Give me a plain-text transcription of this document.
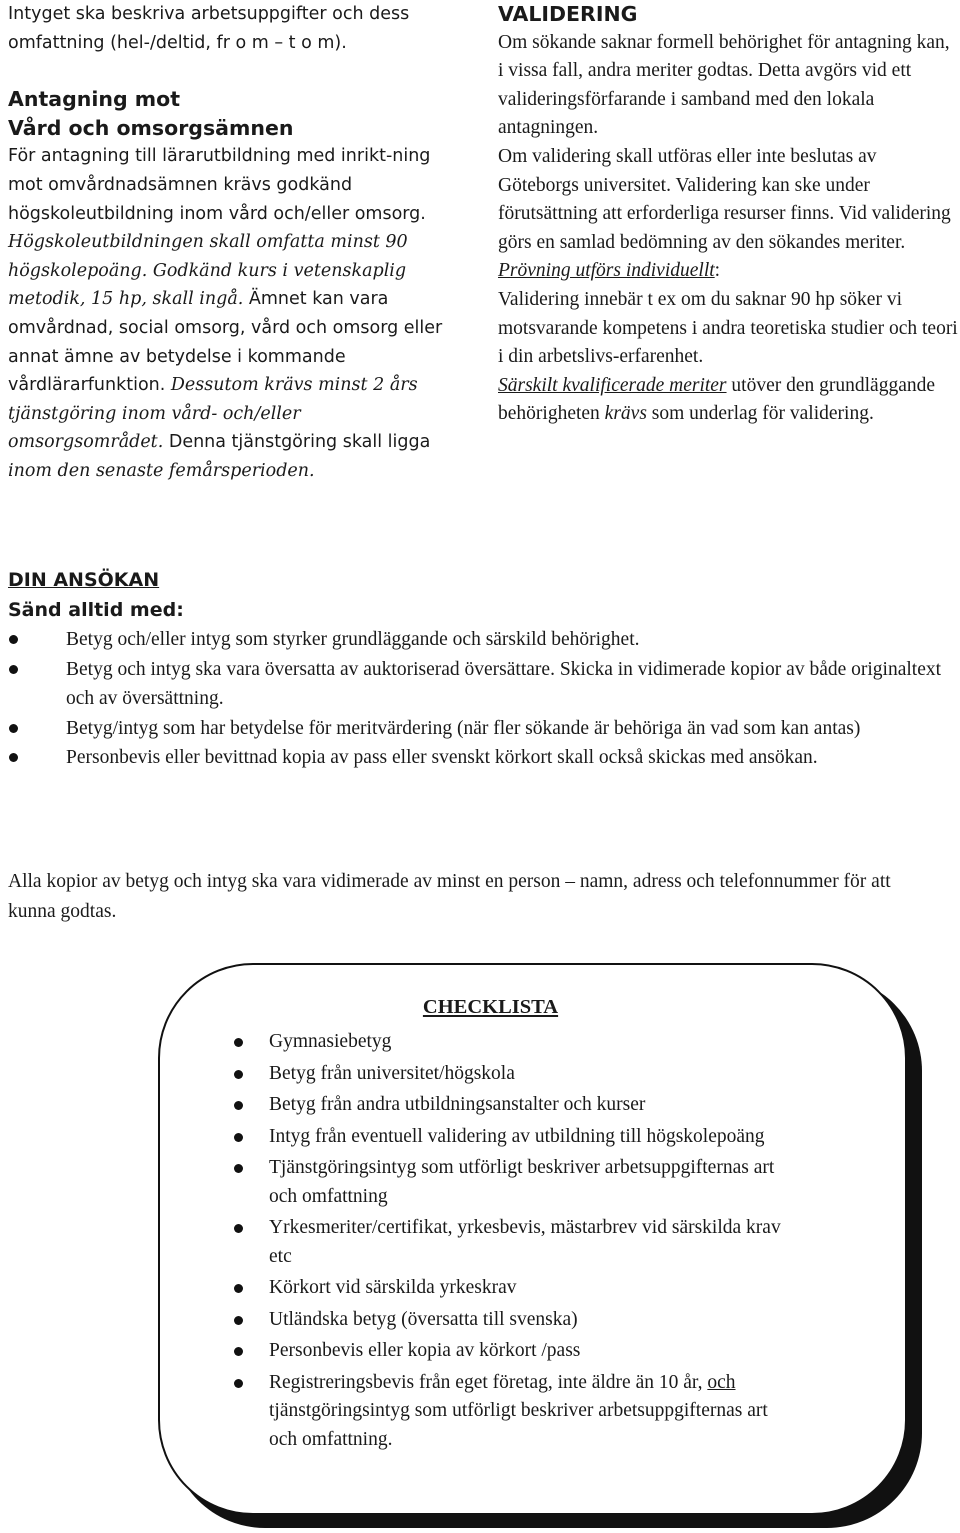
Intyget ska beskriva arbetsuppgifter och dess omfattning (hel-/deltid, fr o m – t o m).

Antagning mot
Vård och omsorgsämnen

För antagning till lärarutbildning med inrikt-ning mot omvårdnadsämnen krävs godkänd högskoleutbildning inom vård och/eller omsorg. Högskoleutbildningen skall omfatta minst 90 högskolepoäng. Godkänd kurs i vetenskaplig metodik, 15 hp, skall ingå. Ämnet kan vara omvårdnad, social omsorg, vård och omsorg eller annat ämne av betydelse i kommande vårdlärarfunktion. Dessutom krävs minst 2 års tjänstgöring inom vård- och/eller omsorgsområdet. Denna tjänstgöring skall ligga inom den senaste femårsperioden.

VALIDERING

Om sökande saknar formell behörighet för antagning kan, i vissa fall, andra meriter godtas. Detta avgörs vid ett valideringsförfarande i samband med den lokala antagningen.

Om validering skall utföras eller inte beslutas av Göteborgs universitet. Validering kan ske under förutsättning att erforderliga resurser finns. Vid validering görs en samlad bedömning av den sökandes meriter.

Prövning utförs individuellt:

Validering innebär t ex om du saknar 90 hp söker vi motsvarande kompetens i andra teoretiska studier och teori i din arbetslivs-erfarenhet.

Särskilt kvalificerade meriter utöver den grundläggande behörigheten krävs som underlag för validering.

DIN ANSÖKAN
Sänd alltid med:
Betyg och/eller intyg som styrker grundläggande och särskild behörighet.
Betyg och intyg ska vara översatta av auktoriserad översättare. Skicka in vidimerade kopior av både originaltext och av översättning.
Betyg/intyg som har betydelse för meritvärdering (när fler sökande är behöriga än vad som kan antas)
Personbevis eller bevittnad kopia av pass eller svenskt körkort skall också skickas med ansökan.

Alla kopior av betyg och intyg ska vara vidimerade av minst en person – namn, adress och telefonnummer för att kunna godtas.

CHECKLISTA
Gymnasiebetyg
Betyg från universitet/högskola
Betyg från andra utbildningsanstalter och kurser
Intyg från eventuell validering av utbildning till högskolepoäng
Tjänstgöringsintyg som utförligt beskriver arbetsuppgifternas art och omfattning
Yrkesmeriter/certifikat, yrkesbevis, mästarbrev vid särskilda krav etc
Körkort vid särskilda yrkeskrav
Utländska betyg (översatta till svenska)
Personbevis eller kopia av körkort /pass
Registreringsbevis från eget företag, inte äldre än 10 år, och tjänstgöringsintyg som utförligt beskriver arbetsuppgifternas art och omfattning.
